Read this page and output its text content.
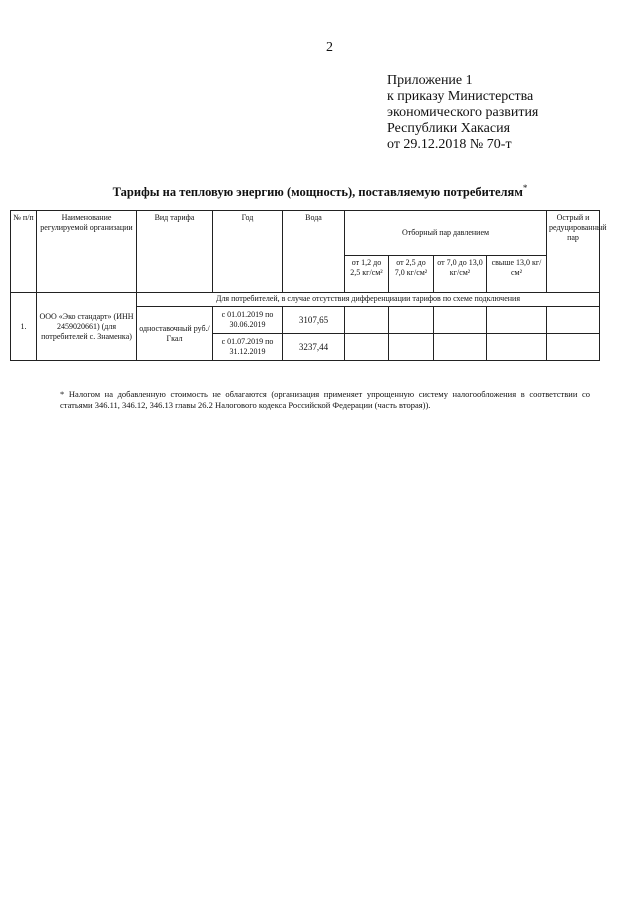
2
Приложение 1
к приказу Министерства
экономического развития
Республики Хакасия
от 29.12.2018 № 70-т
Тарифы на тепловую энергию (мощность), поставляемую потребителям*
№ п/п	Наименование регулируемой организации	Вид тарифа	Год	Вода	Отборный пар давлением				Острый и редуцированный пар
					от 1,2 до 2,5 кг/см²	от 2,5 до 7,0 кг/см²	от 7,0 до 13,0 кг/см²	свыше 13,0 кг/см²	
1.	ООО «Эко стандарт» (ИНН 2459020661) (для потребителей с. Знаменка)	Для потребителей, в случае отсутствия дифференциации тарифов по схеме подключения							
		одноставочный руб./Гкал	с 01.01.2019 по 30.06.2019	3107,65					
			с 01.07.2019 по 31.12.2019	3237,44					
* Налогом на добавленную стоимость не облагаются (организация применяет упрощенную систему налогообложения в соответствии со статьями 346.11, 346.12, 346.13 главы 26.2 Налогового кодекса Российской Федерации (часть вторая)).
